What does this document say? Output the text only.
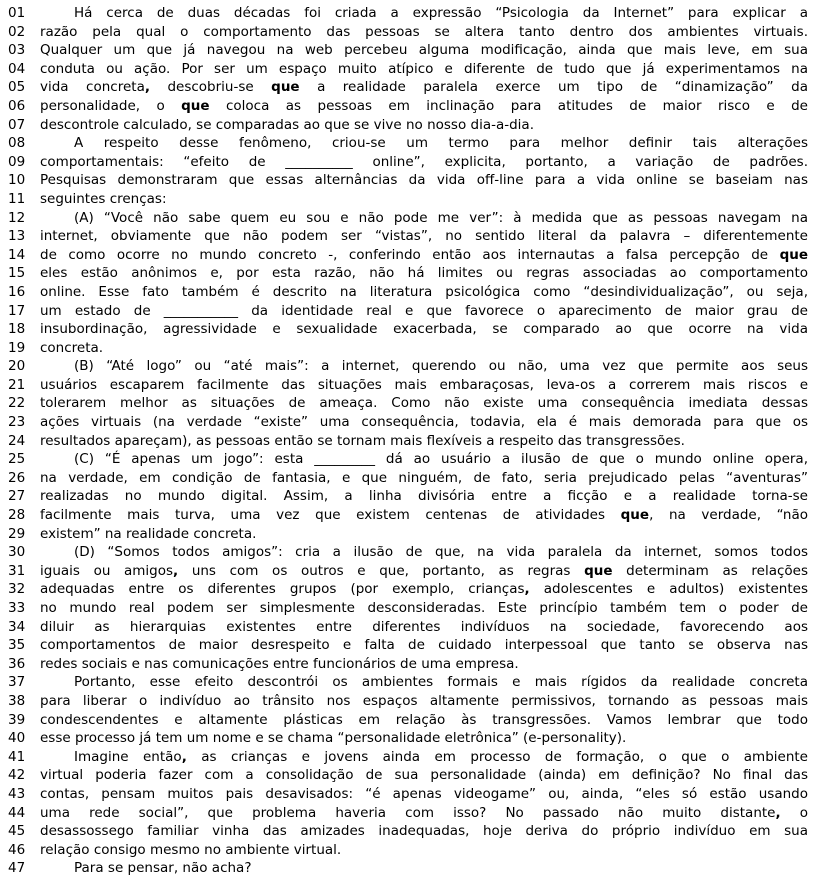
01	Há cerca de duas décadas foi criada a expressão “Psicologia da Internet” para explicar a
02	razão pela qual o comportamento das pessoas se altera tanto dentro dos ambientes virtuais.
03	Qualquer um que já navegou na web percebeu alguma modificação, ainda que mais leve, em sua
04	conduta ou ação. Por ser um espaço muito atípico e diferente de tudo que já experimentamos na
05	vida concreta, descobriu-se que a realidade paralela exerce um tipo de “dinamização” da
06	personalidade, o que coloca as pessoas em inclinação para atitudes de maior risco e de
07	descontrole calculado, se comparadas ao que se vive no nosso dia-a-dia.
08	A respeito desse fenômeno, criou-se um termo para melhor definir tais alterações
09	comportamentais: “efeito de __________ online”, explicita, portanto, a variação de padrões.
10	Pesquisas demonstraram que essas alternâncias da vida off-line para a vida online se baseiam nas
11	seguintes crenças:
12	(A) “Você não sabe quem eu sou e não pode me ver”: à medida que as pessoas navegam na
13	internet, obviamente que não podem ser “vistas”, no sentido literal da palavra – diferentemente
14	de como ocorre no mundo concreto -, conferindo então aos internautas a falsa percepção de que
15	eles estão anônimos e, por esta razão, não há limites ou regras associadas ao comportamento
16	online. Esse fato também é descrito na literatura psicológica como “desindividualização”, ou seja,
17	um estado de ___________ da identidade real e que favorece o aparecimento de maior grau de
18	insubordinação, agressividade e sexualidade exacerbada, se comparado ao que ocorre na vida
19	concreta.
20	(B) “Até logo” ou “até mais”: a internet, querendo ou não, uma vez que permite aos seus
21	usuários escaparem facilmente das situações mais embaraçosas, leva-os a correrem mais riscos e
22	tolerarem melhor as situações de ameaça. Como não existe uma consequência imediata dessas
23	ações virtuais (na verdade “existe” uma consequência, todavia, ela é mais demorada para que os
24	resultados apareçam), as pessoas então se tornam mais flexíveis a respeito das transgressões.
25	(C) “É apenas um jogo”: esta _________ dá ao usuário a ilusão de que o mundo online opera,
26	na verdade, em condição de fantasia, e que ninguém, de fato, seria prejudicado pelas “aventuras”
27	realizadas no mundo digital. Assim, a linha divisória entre a ficção e a realidade torna-se
28	facilmente mais turva, uma vez que existem centenas de atividades que, na verdade, “não
29	existem” na realidade concreta.
30	(D) “Somos todos amigos”: cria a ilusão de que, na vida paralela da internet, somos todos
31	iguais ou amigos, uns com os outros e que, portanto, as regras que determinam as relações
32	adequadas entre os diferentes grupos (por exemplo, crianças, adolescentes e adultos) existentes
33	no mundo real podem ser simplesmente desconsideradas. Este princípio também tem o poder de
34	diluir as hierarquias existentes entre diferentes indivíduos na sociedade, favorecendo aos
35	comportamentos de maior desrespeito e falta de cuidado interpessoal que tanto se observa nas
36	redes sociais e nas comunicações entre funcionários de uma empresa.
37	Portanto, esse efeito descontrói os ambientes formais e mais rígidos da realidade concreta
38	para liberar o indivíduo ao trânsito nos espaços altamente permissivos, tornando as pessoas mais
39	condescendentes e altamente plásticas em relação às transgressões. Vamos lembrar que todo
40	esse processo já tem um nome e se chama “personalidade eletrônica” (e-personality).
41	Imagine então, as crianças e jovens ainda em processo de formação, o que o ambiente
42	virtual poderia fazer com a consolidação de sua personalidade (ainda) em definição? No final das
43	contas, pensam muitos pais desavisados: “é apenas videogame” ou, ainda, “eles só estão usando
44	uma rede social”, que problema haveria com isso? No passado não muito distante, o
45	desassossego familiar vinha das amizades inadequadas, hoje deriva do próprio indivíduo em sua
46	relação consigo mesmo no ambiente virtual.
47	Para se pensar, não acha?
